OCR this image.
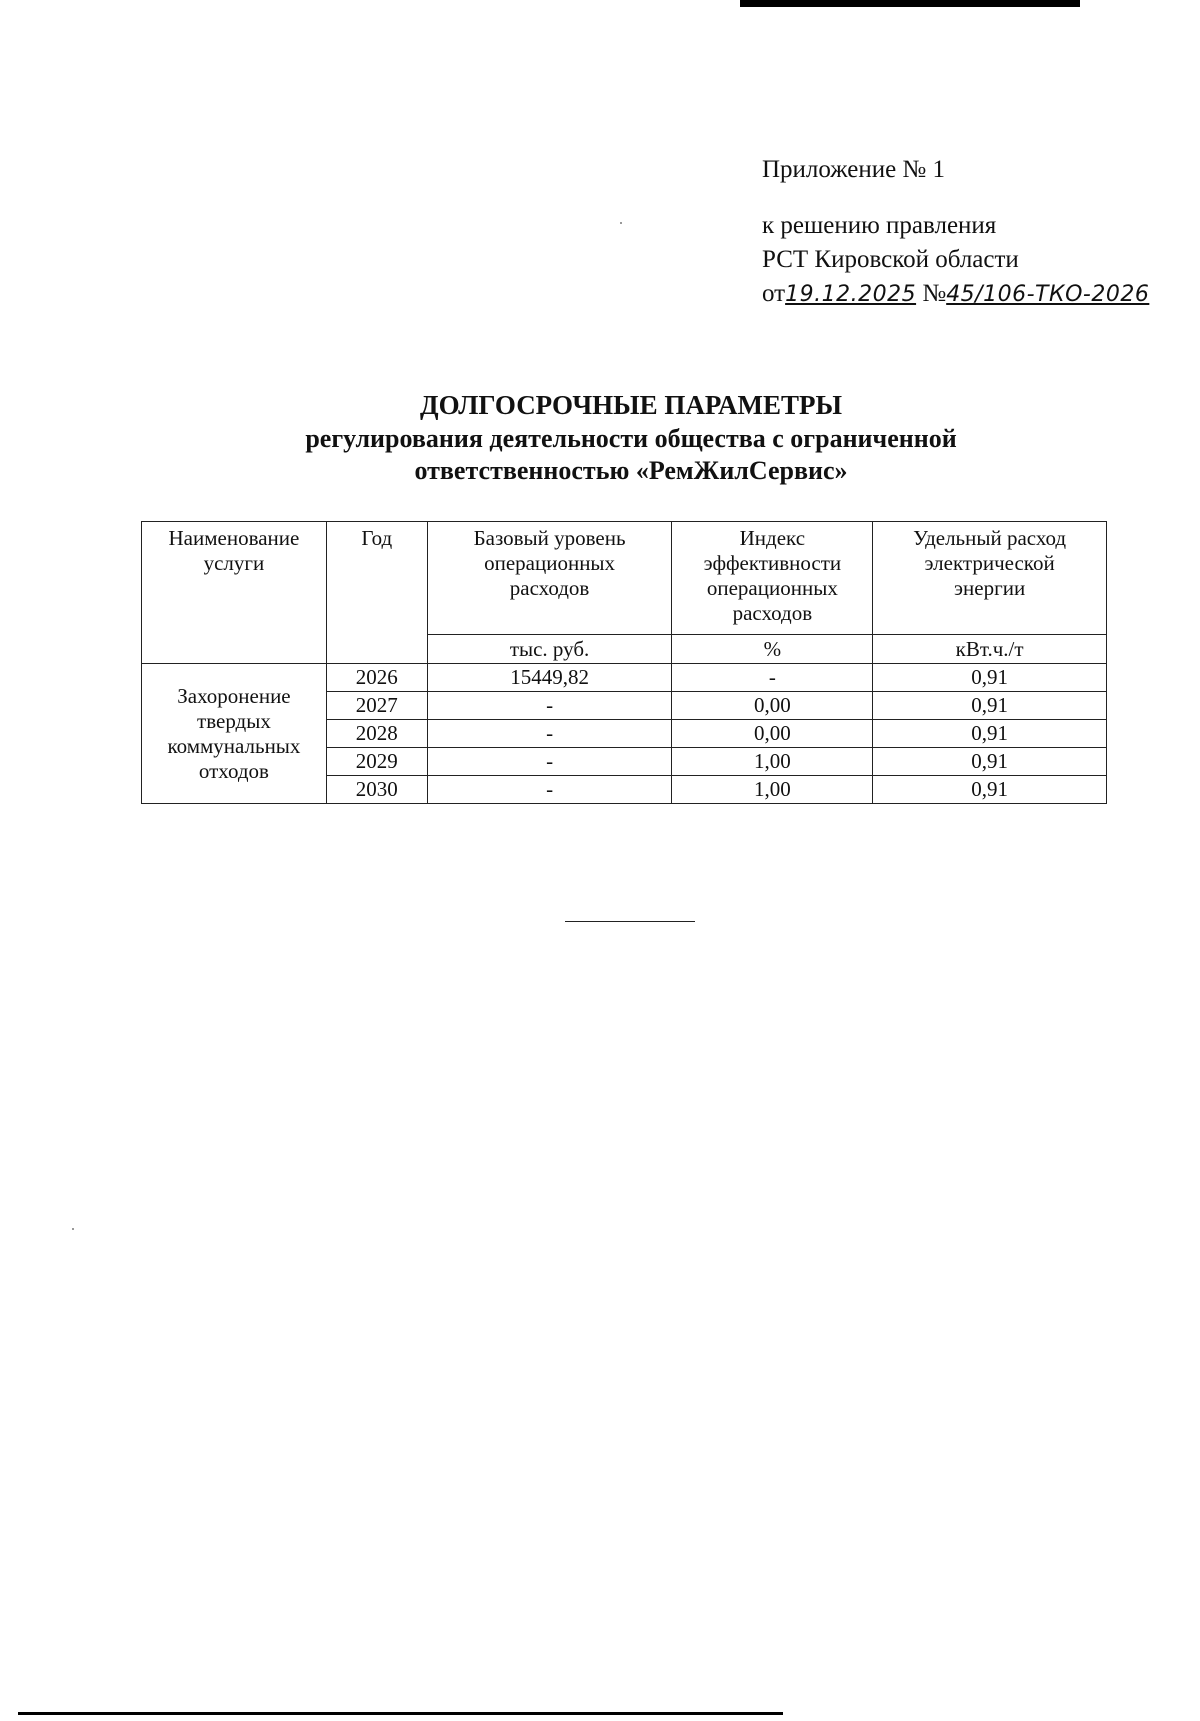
Приложение № 1
к решению правления
РСТ Кировской области
от19.12.2025 №45/106-ТКО-2026
ДОЛГОСРОЧНЫЕ ПАРАМЕТРЫ
регулирования деятельности общества с ограниченной
ответственностью «РемЖилСервис»
Наименование услуги	Год	Базовый уровень операционных расходов	Индекс эффективности операционных расходов	Удельный расход электрической энергии
		тыс. руб.	%	кВт.ч./т
Захоронение твердых коммунальных отходов	2026	15449,82	-	0,91
	2027	-	0,00	0,91
	2028	-	0,00	0,91
	2029	-	1,00	0,91
	2030	-	1,00	0,91
